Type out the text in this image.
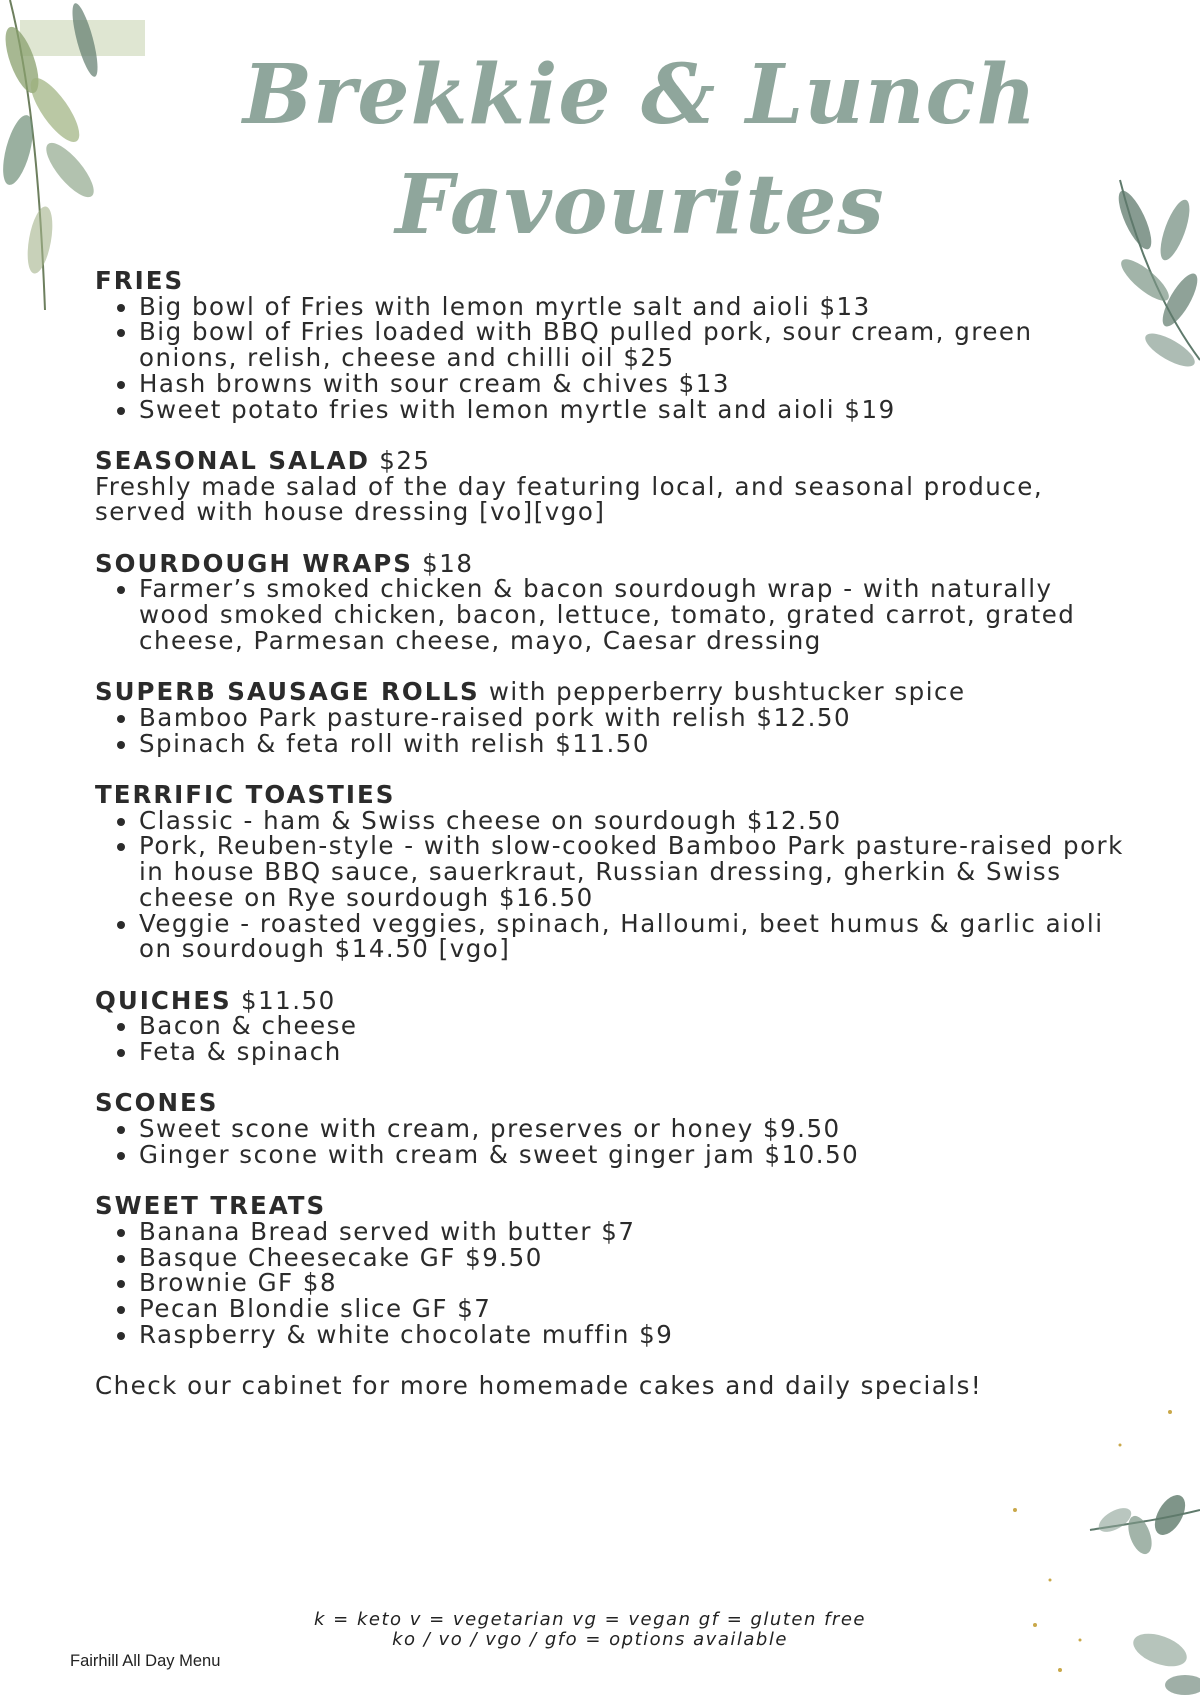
Brekkie & Lunch Favourites
FRIES
• Big bowl of Fries with lemon myrtle salt and aioli $13
• Big bowl of Fries loaded with BBQ pulled pork, sour cream, green onions, relish, cheese and chilli oil $25
• Hash browns with sour cream & chives $13
• Sweet potato fries with lemon myrtle salt and aioli $19
SEASONAL SALAD $25

Freshly made salad of the day featuring local, and seasonal produce, served with house dressing [vo][vgo]

SOURDOUGH WRAPS $18
• Farmer’s smoked chicken & bacon sourdough wrap - with naturally wood smoked chicken, bacon, lettuce, tomato, grated carrot, grated cheese, Parmesan cheese, mayo, Caesar dressing
SUPERB SAUSAGE ROLLS with pepperberry bushtucker spice
• Bamboo Park pasture-raised pork with relish $12.50
• Spinach & feta roll with relish $11.50
TERRIFIC TOASTIES
• Classic - ham & Swiss cheese on sourdough $12.50
• Pork, Reuben-style - with slow-cooked Bamboo Park pasture-raised pork in house BBQ sauce, sauerkraut, Russian dressing, gherkin & Swiss cheese on Rye sourdough $16.50
• Veggie - roasted veggies, spinach, Halloumi, beet humus & garlic aioli on sourdough $14.50 [vgo]
QUICHES $11.50
• Bacon & cheese
• Feta & spinach
SCONES
• Sweet scone with cream, preserves or honey $9.50
• Ginger scone with cream & sweet ginger jam $10.50
SWEET TREATS
• Banana Bread served with butter $7
• Basque Cheesecake GF $9.50
• Brownie GF $8
• Pecan Blondie slice GF $7
• Raspberry & white chocolate muffin $9

Check our cabinet for more homemade cakes and daily specials!

k = keto v = vegetarian vg = vegan gf = gluten free
ko / vo / vgo / gfo = options available
Fairhill All Day Menu
